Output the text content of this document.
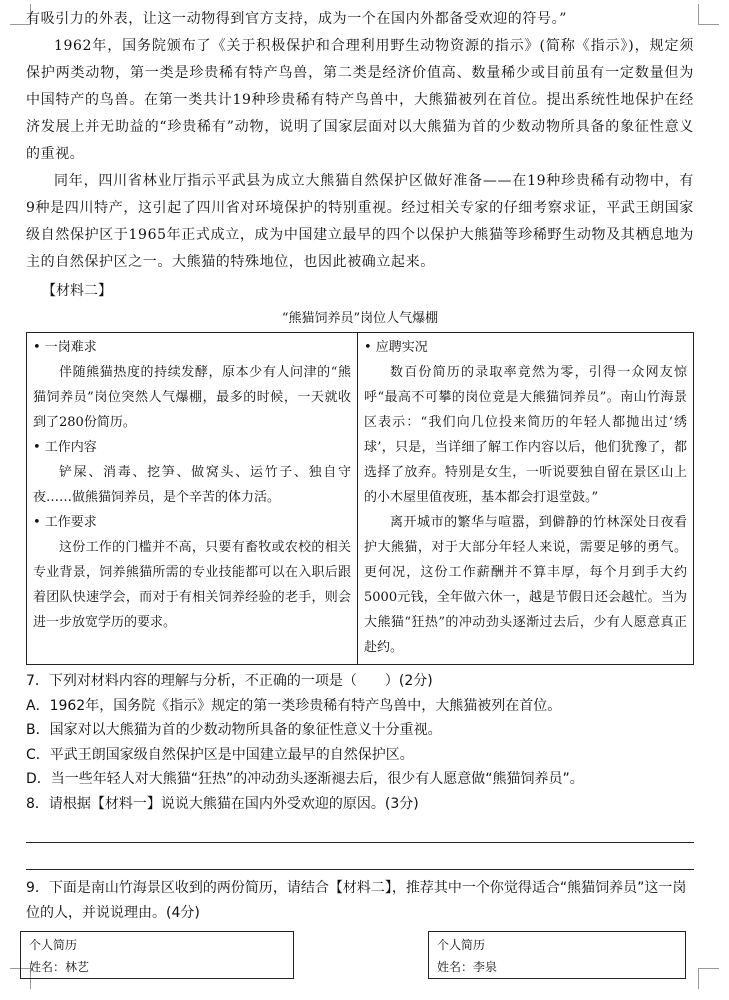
有吸引力的外表，让这一动物得到官方支持，成为一个在国内外都备受欢迎的符号。”

1962年，国务院颁布了《关于积极保护和合理利用野生动物资源的指示》(简称《指示》)，规定须保护两类动物，第一类是珍贵稀有特产鸟兽，第二类是经济价值高、数量稀少或目前虽有一定数量但为中国特产的鸟兽。在第一类共计19种珍贵稀有特产鸟兽中，大熊猫被列在首位。提出系统性地保护在经济发展上并无助益的“珍贵稀有”动物，说明了国家层面对以大熊猫为首的少数动物所具备的象征性意义的重视。

同年，四川省林业厅指示平武县为成立大熊猫自然保护区做好准备——在19种珍贵稀有动物中，有9种是四川特产，这引起了四川省对环境保护的特别重视。经过相关专家的仔细考察求证，平武王朗国家级自然保护区于1965年正式成立，成为中国建立最早的四个以保护大熊猫等珍稀野生动物及其栖息地为主的自然保护区之一。大熊猫的特殊地位，也因此被确立起来。

【材料二】

“熊猫饲养员”岗位人气爆棚

• 一岗难求

伴随熊猫热度的持续发酵，原本少有人问津的“熊猫饲养员”岗位突然人气爆棚，最多的时候，一天就收到了280份简历。

• 工作内容

铲屎、消毒、挖笋、做窝头、运竹子、独自守夜……做熊猫饲养员，是个辛苦的体力活。

• 工作要求

这份工作的门槛并不高，只要有畜牧或农校的相关专业背景，饲养熊猫所需的专业技能都可以在入职后跟着团队快速学会，而对于有相关饲养经验的老手，则会进一步放宽学历的要求。

• 应聘实况

数百份简历的录取率竟然为零，引得一众网友惊呼“最高不可攀的岗位竟是大熊猫饲养员”。南山竹海景区表示：“我们向几位投来简历的年轻人都抛出过‘绣球’，只是，当详细了解工作内容以后，他们犹豫了，都选择了放弃。特别是女生，一听说要独自留在景区山上的小木屋里值夜班，基本都会打退堂鼓。”

离开城市的繁华与喧嚣，到僻静的竹林深处日夜看护大熊猫，对于大部分年轻人来说，需要足够的勇气。更何况，这份工作薪酬并不算丰厚，每个月到手大约5000元钱，全年做六休一，越是节假日还会越忙。当为大熊猫“狂热”的冲动劲头逐渐过去后，少有人愿意真正赴约。

7．下列对材料内容的理解与分析，不正确的一项是（　　）(2分)

A．1962年，国务院《指示》规定的第一类珍贵稀有特产鸟兽中，大熊猫被列在首位。

B．国家对以大熊猫为首的少数动物所具备的象征性意义十分重视。

C．平武王朗国家级自然保护区是中国建立最早的自然保护区。

D．当一些年轻人对大熊猫“狂热”的冲动劲头逐渐褪去后，很少有人愿意做“熊猫饲养员”。

8．请根据【材料一】说说大熊猫在国内外受欢迎的原因。(3分)

9．下面是南山竹海景区收到的两份简历，请结合【材料二】，推荐其中一个你觉得适合“熊猫饲养员”这一岗位的人，并说说理由。(4分)

个人简历
姓名：林艺
个人简历
姓名：李泉
